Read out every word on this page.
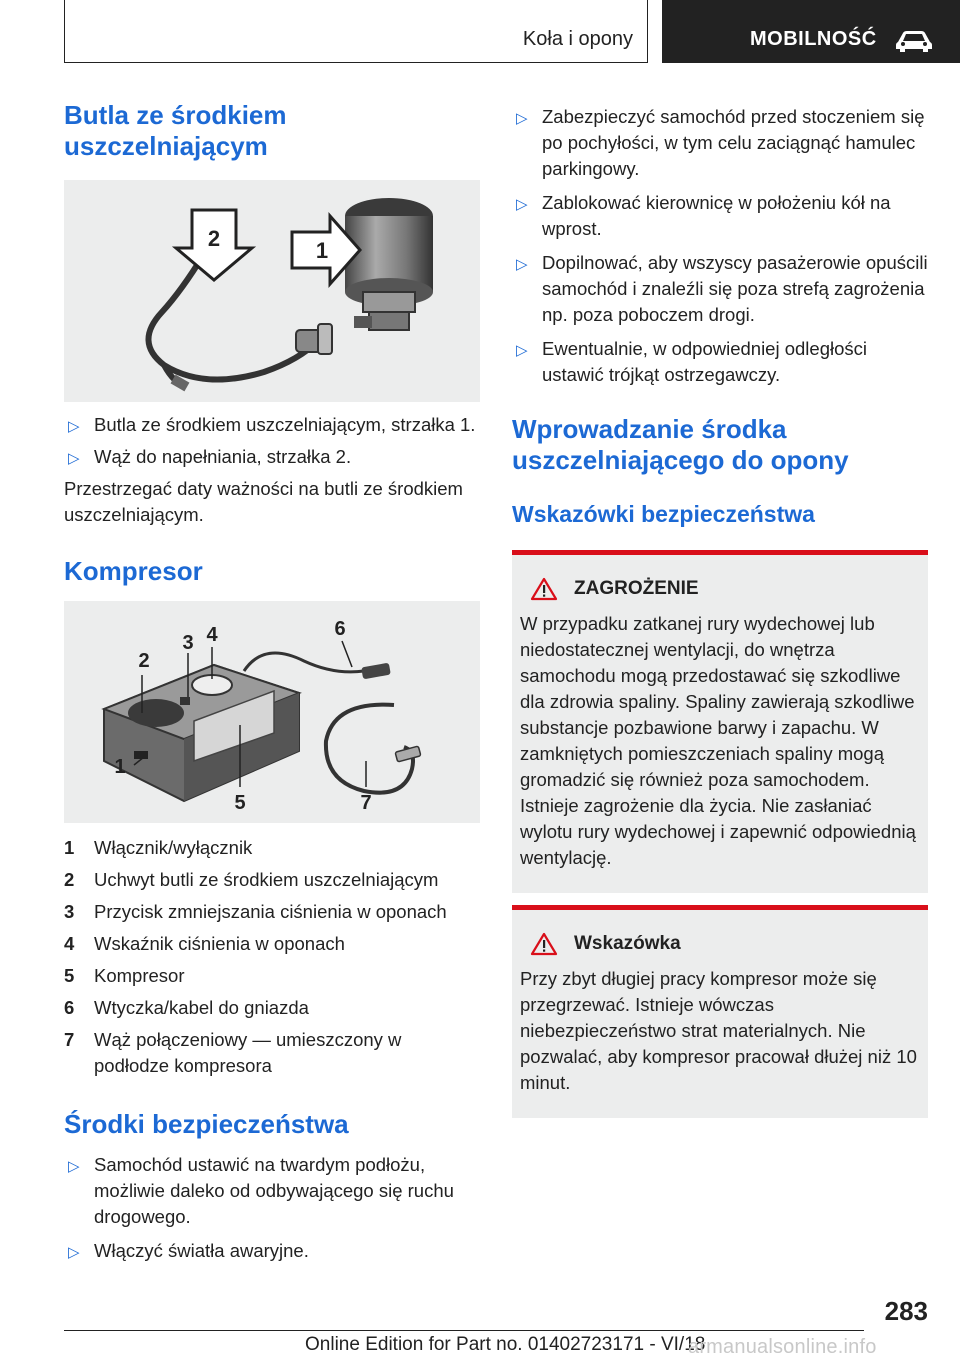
Koła i opony	MOBILNOŚĆ
Butla ze środkiem uszczelniającym
2	1
▷ Butla ze środkiem uszczelniającym, strzałka 1.
▷ Wąż do napełniania, strzałka 2.

Przestrzegać daty ważności na butli ze środkiem uszczelniającym.

Kompresor
2
3 4	6
1
5	7
1 Włącznik/wyłącznik
2 Uchwyt butli ze środkiem uszczelniającym
3 Przycisk zmniejszania ciśnienia w oponach
4 Wskaźnik ciśnienia w oponach
5 Kompresor
6 Wtyczka/kabel do gniazda
7 Wąż połączeniowy — umieszczony w podłodze kompresora
Środki bezpieczeństwa
▷ Samochód ustawić na twardym podłożu, możliwie daleko od odbywającego się ruchu drogowego.
▷ Włączyć światła awaryjne.
▷ Zabezpieczyć samochód przed stoczeniem się po pochyłości, w tym celu zaciągnąć hamulec parkingowy.
▷ Zablokować kierownicę w położeniu kół na wprost.
▷ Dopilnować, aby wszyscy pasażerowie opuścili samochód i znaleźli się poza strefą zagrożenia np. poza poboczem drogi.
▷ Ewentualnie, w odpowiedniej odległości ustawić trójkąt ostrzegawczy.
Wprowadzanie środka uszczelniającego do opony
Wskazówki bezpieczeństwa
ZAGROŻENIE
W przypadku zatkanej rury wydechowej lub niedostatecznej wentylacji, do wnętrza samochodu mogą przedostawać się szkodliwe dla zdrowia spaliny. Spaliny zawierają szkodliwe substancje pozbawione barwy i zapachu. W zamkniętych pomieszczeniach spaliny mogą gromadzić się również poza samochodem. Istnieje zagrożenie dla życia. Nie zasłaniać wylotu rury wydechowej i zapewnić odpowiednią wentylację.
Wskazówka
Przy zbyt długiej pracy kompresor może się przegrzewać. Istnieje wówczas niebezpieczeństwo strat materialnych. Nie pozwalać, aby kompresor pracował dłużej niż 10 minut.
283
Online Edition for Part no. 01402723171 - VI/18
armanualsonline.info
